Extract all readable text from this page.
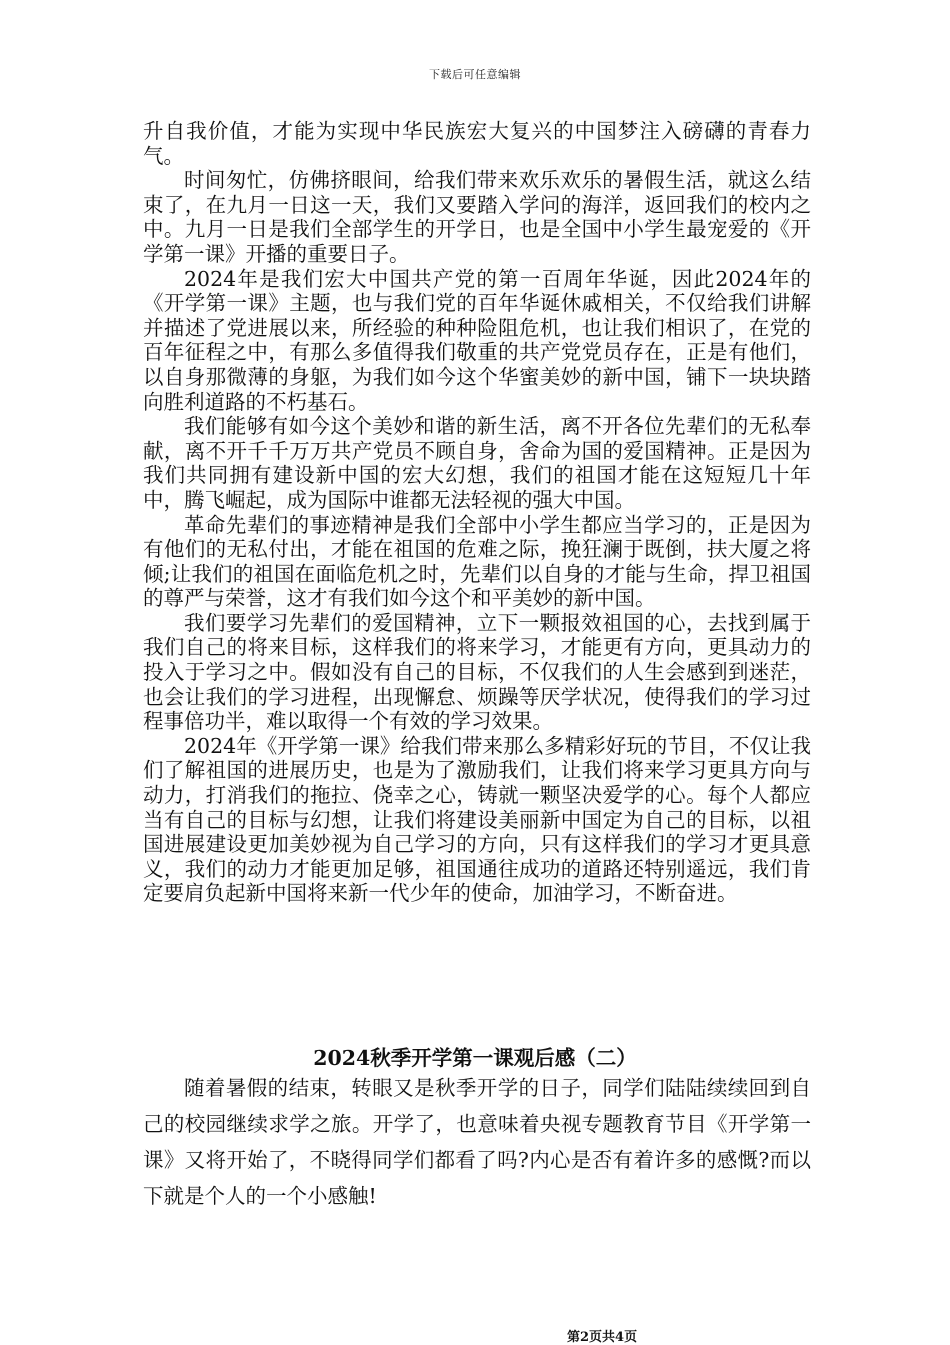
下载后可任意编辑

升自我价值，才能为实现中华民族宏大复兴的中国梦注入磅礴的青春力气。

时间匆忙，仿佛挤眼间，给我们带来欢乐欢乐的暑假生活，就这么结束了，在九月一日这一天，我们又要踏入学问的海洋，返回我们的校内之中。九月一日是我们全部学生的开学日，也是全国中小学生最宠爱的《开学第一课》开播的重要日子。

2024年是我们宏大中国共产党的第一百周年华诞，因此2024年的《开学第一课》主题，也与我们党的百年华诞休戚相关，不仅给我们讲解并描述了党进展以来，所经验的种种险阻危机，也让我们相识了，在党的百年征程之中，有那么多值得我们敬重的共产党党员存在，正是有他们，以自身那微薄的身躯，为我们如今这个华蜜美妙的新中国，铺下一块块踏向胜利道路的不朽基石。

我们能够有如今这个美妙和谐的新生活，离不开各位先辈们的无私奉献，离不开千千万万共产党员不顾自身，舍命为国的爱国精神。正是因为我们共同拥有建设新中国的宏大幻想，我们的祖国才能在这短短几十年中，腾飞崛起，成为国际中谁都无法轻视的强大中国。

革命先辈们的事迹精神是我们全部中小学生都应当学习的，正是因为有他们的无私付出，才能在祖国的危难之际，挽狂澜于既倒，扶大厦之将倾;让我们的祖国在面临危机之时，先辈们以自身的才能与生命，捍卫祖国的尊严与荣誉，这才有我们如今这个和平美妙的新中国。

我们要学习先辈们的爱国精神，立下一颗报效祖国的心，去找到属于我们自己的将来目标，这样我们的将来学习，才能更有方向，更具动力的投入于学习之中。假如没有自己的目标，不仅我们的人生会感到到迷茫，也会让我们的学习进程，出现懈怠、烦躁等厌学状况，使得我们的学习过程事倍功半，难以取得一个有效的学习效果。

2024年《开学第一课》给我们带来那么多精彩好玩的节目，不仅让我们了解祖国的进展历史，也是为了激励我们，让我们将来学习更具方向与动力，打消我们的拖拉、侥幸之心，铸就一颗坚决爱学的心。每个人都应当有自己的目标与幻想，让我们将建设美丽新中国定为自己的目标，以祖国进展建设更加美妙视为自己学习的方向，只有这样我们的学习才更具意义，我们的动力才能更加足够，祖国通往成功的道路还特别遥远，我们肯定要肩负起新中国将来新一代少年的使命，加油学习，不断奋进。

2024秋季开学第一课观后感（二）

随着暑假的结束，转眼又是秋季开学的日子，同学们陆陆续续回到自己的校园继续求学之旅。开学了，也意味着央视专题教育节目《开学第一课》又将开始了，不晓得同学们都看了吗?内心是否有着许多的感慨?而以下就是个人的一个小感触!

第2页共4页
